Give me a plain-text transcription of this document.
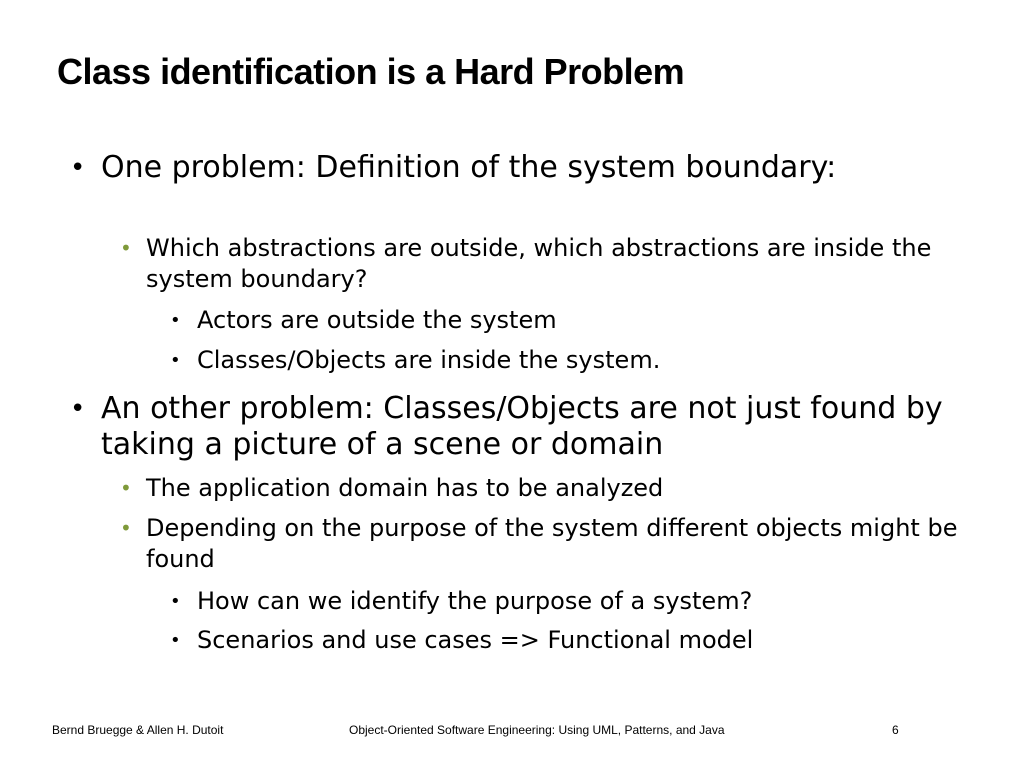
Class identification is a Hard Problem

• One problem: Definition of the system boundary:

• Which abstractions are outside, which abstractions are inside the system boundary?

• Actors are outside the system

• Classes/Objects are inside the system.

• An other problem: Classes/Objects are not just found by taking a picture of a scene or domain

• The application domain has to be analyzed

• Depending on the purpose of the system different objects might be found

• How can we identify the purpose of a system?

• Scenarios and use cases => Functional model

Bernd Bruegge & Allen H. Dutoit	Object-Oriented Software Engineering: Using UML, Patterns, and Java	6
